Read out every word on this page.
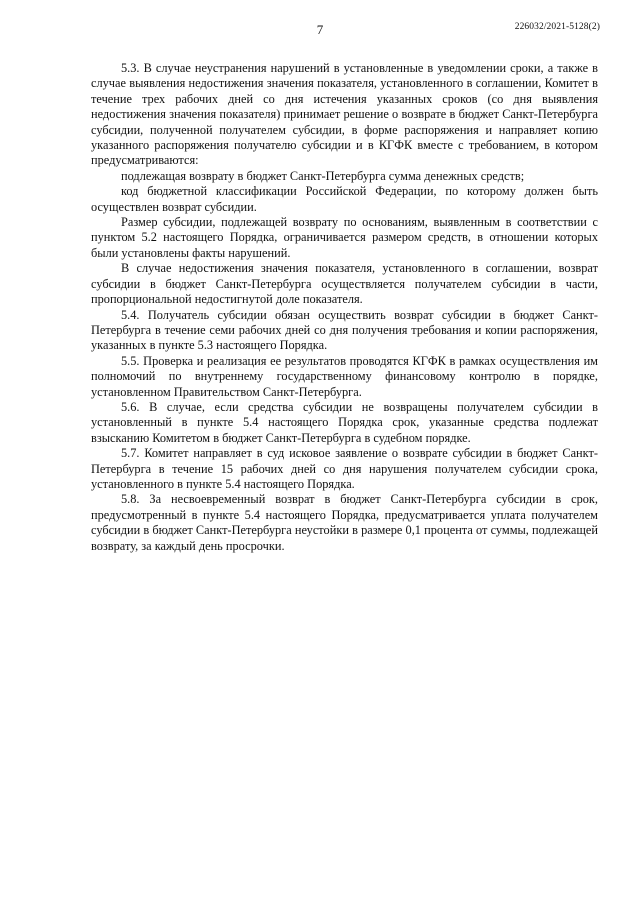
7	226032/2021-5128(2)

5.3. В случае неустранения нарушений в установленные в уведомлении сроки, а также в случае выявления недостижения значения показателя, установленного в соглашении, Комитет в течение трех рабочих дней со дня истечения указанных сроков (со дня выявления недостижения значения показателя) принимает решение о возврате в бюджет Санкт-Петербурга субсидии, полученной получателем субсидии, в форме распоряжения и направляет копию указанного распоряжения получателю субсидии и в КГФК вместе с требованием, в котором предусматриваются:

подлежащая возврату в бюджет Санкт-Петербурга сумма денежных средств;

код бюджетной классификации Российской Федерации, по которому должен быть осуществлен возврат субсидии.

Размер субсидии, подлежащей возврату по основаниям, выявленным в соответствии с пунктом 5.2 настоящего Порядка, ограничивается размером средств, в отношении которых были установлены факты нарушений.

В случае недостижения значения показателя, установленного в соглашении, возврат субсидии в бюджет Санкт-Петербурга осуществляется получателем субсидии в части, пропорциональной недостигнутой доле показателя.

5.4. Получатель субсидии обязан осуществить возврат субсидии в бюджет Санкт-Петербурга в течение семи рабочих дней со дня получения требования и копии распоряжения, указанных в пункте 5.3 настоящего Порядка.

5.5. Проверка и реализация ее результатов проводятся КГФК в рамках осуществления им полномочий по внутреннему государственному финансовому контролю в порядке, установленном Правительством Санкт-Петербурга.

5.6. В случае, если средства субсидии не возвращены получателем субсидии в установленный в пункте 5.4 настоящего Порядка срок, указанные средства подлежат взысканию Комитетом в бюджет Санкт-Петербурга в судебном порядке.

5.7. Комитет направляет в суд исковое заявление о возврате субсидии в бюджет Санкт-Петербурга в течение 15 рабочих дней со дня нарушения получателем субсидии срока, установленного в пункте 5.4 настоящего Порядка.

5.8. За несвоевременный возврат в бюджет Санкт-Петербурга субсидии в срок, предусмотренный в пункте 5.4 настоящего Порядка, предусматривается уплата получателем субсидии в бюджет Санкт-Петербурга неустойки в размере 0,1 процента от суммы, подлежащей возврату, за каждый день просрочки.
